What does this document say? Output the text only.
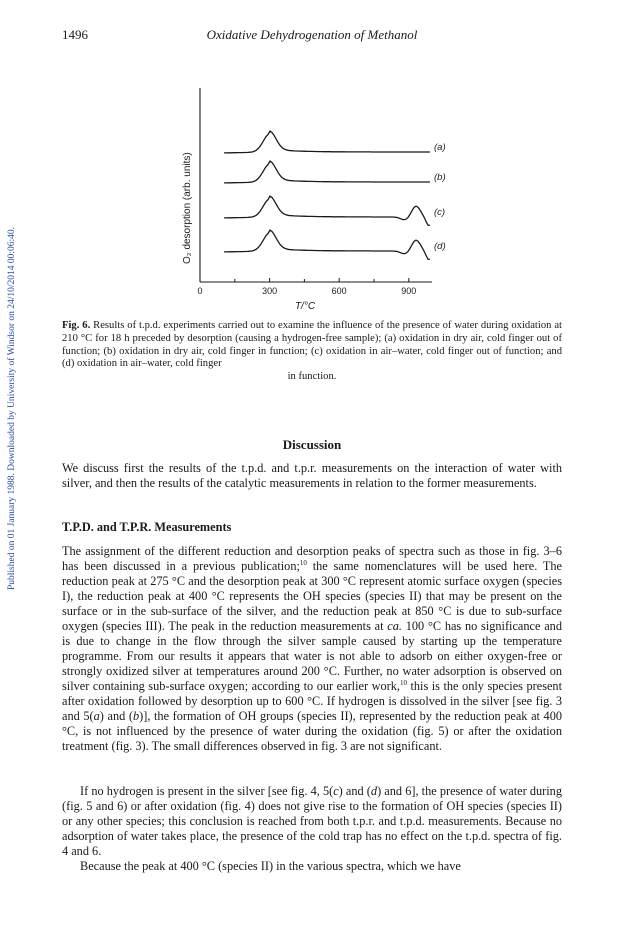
Published on 01 January 1988. Downloaded by University of Windsor on 24/10/2014 00:06:40.
1496	Oxidative Dehydrogenation of Methanol
0	300	600	900
(a)
(b)
(c)
(d)
O₂ desorption (arb. units)
T/°C
Fig. 6. Results of t.p.d. experiments carried out to examine the influence of the presence of water during oxidation at 210 °C for 18 h preceded by desorption (causing a hydrogen-free sample); (a) oxidation in dry air, cold finger out of function; (b) oxidation in dry air, cold finger in function; (c) oxidation in air–water, cold finger out of function; and (d) oxidation in air–water, cold finger
in function.
Discussion
We discuss first the results of the t.p.d. and t.p.r. measurements on the interaction of water with silver, and then the results of the catalytic measurements in relation to the former measurements.
T.P.D. and T.P.R. Measurements
The assignment of the different reduction and desorption peaks of spectra such as those in fig. 3–6 has been discussed in a previous publication;$^{10}$ the same nomenclatures will be used here. The reduction peak at 275 °C and the desorption peak at 300 °C represent atomic surface oxygen (species I), the reduction peak at 400 °C represents the OH species (species II) that may be present on the surface or in the sub-surface of the silver, and the reduction peak at 850 °C is due to sub-surface oxygen (species III). The peak in the reduction measurements at ca. 100 °C has no significance and is due to change in the flow through the silver sample caused by starting up the temperature programme. From our results it appears that water is not able to adsorb on either oxygen-free or strongly oxidized silver at temperatures around 200 °C. Further, no water adsorption is observed on silver containing sub-surface oxygen; according to our earlier work,$^{10}$ this is the only species present after oxidation followed by desorption up to 600 °C. If hydrogen is dissolved in the silver [see fig. 3 and 5(a) and (b)], the formation of OH groups (species II), represented by the reduction peak at 400 °C, is not influenced by the presence of water during the oxidation (fig. 5) or after the oxidation treatment (fig. 3). The small differences observed in fig. 3 are not significant.
If no hydrogen is present in the silver [see fig. 4, 5(c) and (d) and 6], the presence of water during (fig. 5 and 6) or after oxidation (fig. 4) does not give rise to the formation of OH species (species II) or any other species; this conclusion is reached from both t.p.r. and t.p.d. measurements. Because no adsorption of water takes place, the presence of the cold trap has no effect on the t.p.d. spectra of fig. 4 and 6.
Because the peak at 400 °C (species II) in the various spectra, which we have
